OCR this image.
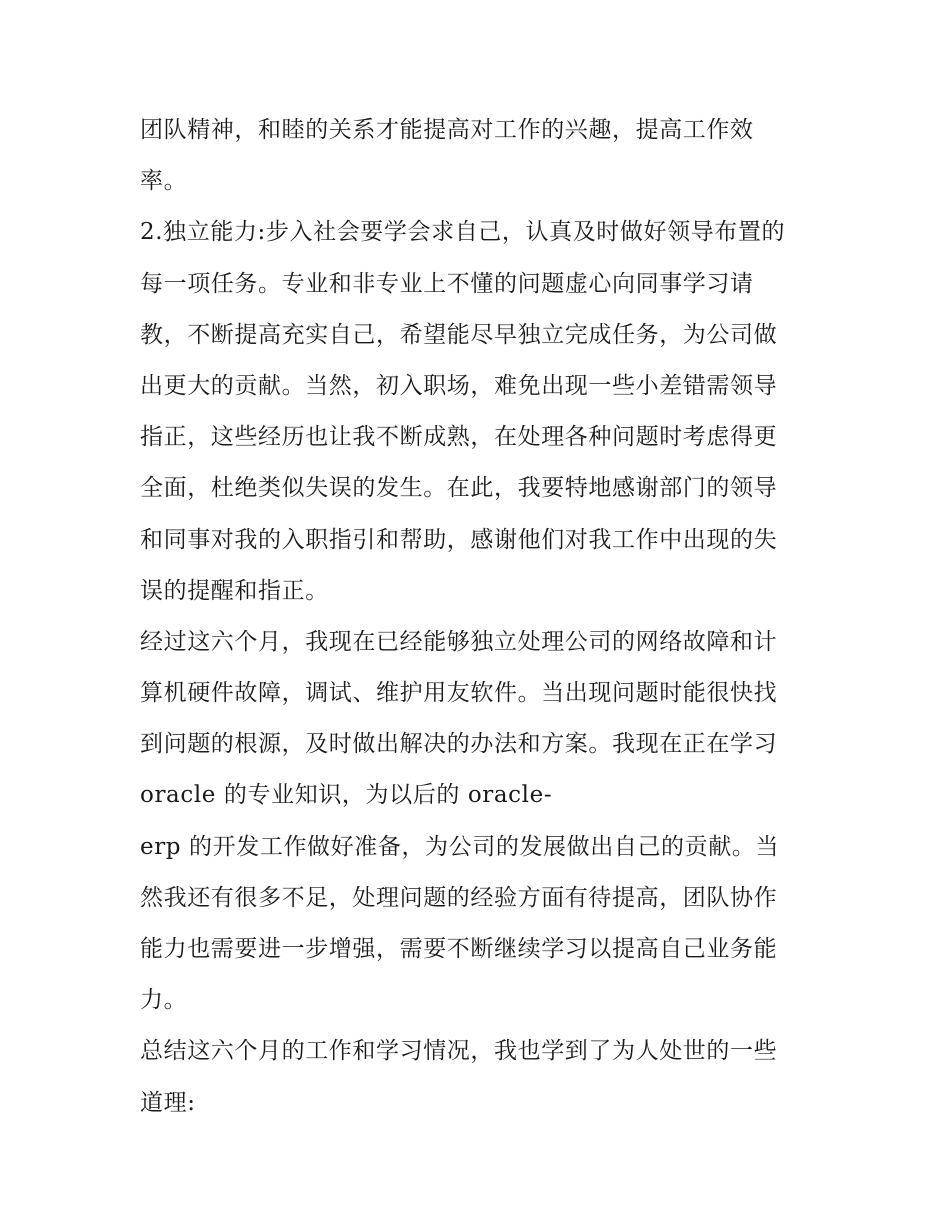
团队精神，和睦的关系才能提高对工作的兴趣，提高工作效
率。
2.独立能力:步入社会要学会求自己，认真及时做好领导布置的
每一项任务。专业和非专业上不懂的问题虚心向同事学习请
教，不断提高充实自己，希望能尽早独立完成任务，为公司做
出更大的贡献。当然，初入职场，难免出现一些小差错需领导
指正，这些经历也让我不断成熟，在处理各种问题时考虑得更
全面，杜绝类似失误的发生。在此，我要特地感谢部门的领导
和同事对我的入职指引和帮助，感谢他们对我工作中出现的失
误的提醒和指正。
经过这六个月，我现在已经能够独立处理公司的网络故障和计
算机硬件故障，调试、维护用友软件。当出现问题时能很快找
到问题的根源，及时做出解决的办法和方案。我现在正在学习
oracle 的专业知识，为以后的 oracle-
erp 的开发工作做好准备，为公司的发展做出自己的贡献。当
然我还有很多不足，处理问题的经验方面有待提高，团队协作
能力也需要进一步增强，需要不断继续学习以提高自己业务能
力。
总结这六个月的工作和学习情况，我也学到了为人处世的一些
道理:
